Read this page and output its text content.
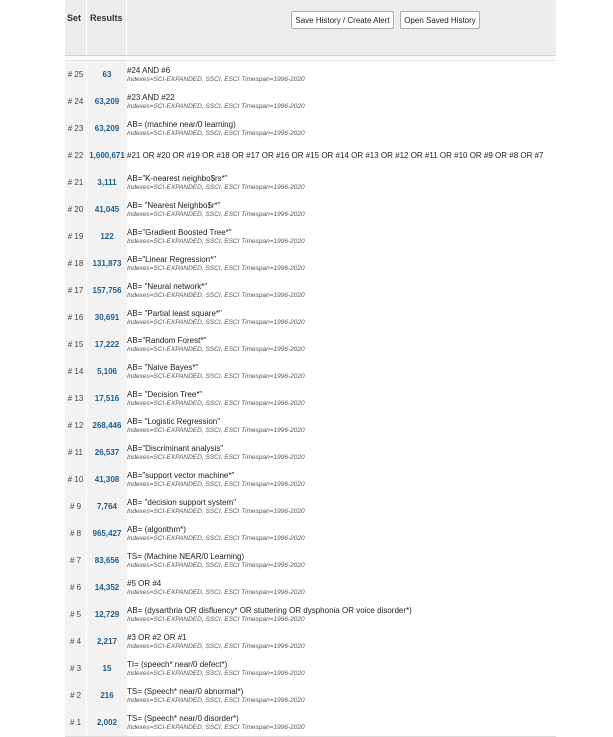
Set Results	Save History / Create Alert	Open Saved History
# 25	63	#24 AND #6
Indexes=SCI-EXPANDED, SSCI, ESCI Timespan=1996-2020
# 24	63,209 #23 AND #22
Indexes=SCI-EXPANDED, SSCI, ESCI Timespan=1996-2020
# 23	63,209 AB= (machine near/0 learning)
Indexes=SCI-EXPANDED, SSCI, ESCI Timespan=1996-2020
# 22 1,600,671 #21 OR #20 OR #19 OR #18 OR #17 OR #16 OR #15 OR #14 OR #13 OR #12 OR #11 OR #10 OR #9 OR #8 OR #7
# 21	3,111	AB="K-nearest neighbo$rs*"
Indexes=SCI-EXPANDED, SSCI, ESCI Timespan=1996-2020
# 20	41,045 AB= "Nearest Neighbo$r*"
Indexes=SCI-EXPANDED, SSCI, ESCI Timespan=1996-2020
# 19	122	AB="Gradient Boosted Tree*"
Indexes=SCI-EXPANDED, SSCI, ESCI Timespan=1996-2020
# 18	131,873 AB="Linear Regression*"
Indexes=SCI-EXPANDED, SSCI, ESCI Timespan=1996-2020
# 17	157,756 AB= "Neural network*"
Indexes=SCI-EXPANDED, SSCI, ESCI Timespan=1996-2020
# 16	30,691 AB= "Partial least square*"
Indexes=SCI-EXPANDED, SSCI, ESCI Timespan=1996-2020
# 15	17,222 AB="Random Forest*"
Indexes=SCI-EXPANDED, SSCI, ESCI Timespan=1996-2020
# 14	5,106	AB= "Naive Bayes*"
Indexes=SCI-EXPANDED, SSCI, ESCI Timespan=1996-2020
# 13	17,516 AB= "Decision Tree*"
Indexes=SCI-EXPANDED, SSCI, ESCI Timespan=1996-2020
# 12	268,446 AB= "Logistic Regression"
Indexes=SCI-EXPANDED, SSCI, ESCI Timespan=1996-2020
# 11	26,537 AB="Discriminant analysis"
Indexes=SCI-EXPANDED, SSCI, ESCI Timespan=1996-2020
# 10	41,308 AB="support vector machine*"
Indexes=SCI-EXPANDED, SSCI, ESCI Timespan=1996-2020
# 9	7,764	AB= "decision support system"
Indexes=SCI-EXPANDED, SSCI, ESCI Timespan=1996-2020
# 8	965,427 AB= (algorithm*)
Indexes=SCI-EXPANDED, SSCI, ESCI Timespan=1996-2020
# 7	83,656 TS= (Machine NEAR/0 Learning)
Indexes=SCI-EXPANDED, SSCI, ESCI Timespan=1996-2020
# 6	14,352 #5 OR #4
Indexes=SCI-EXPANDED, SSCI, ESCI Timespan=1996-2020
# 5	12,729 AB= (dysarthria OR disfluency* OR stuttering OR dysphonia OR voice disorder*)
Indexes=SCI-EXPANDED, SSCI, ESCI Timespan=1996-2020
# 4	2,217	#3 OR #2 OR #1
Indexes=SCI-EXPANDED, SSCI, ESCI Timespan=1996-2020
# 3	15	TI= (speech* near/0 defect*)
Indexes=SCI-EXPANDED, SSCI, ESCI Timespan=1996-2020
# 2	216	TS= (Speech* near/0 abnormal*)
Indexes=SCI-EXPANDED, SSCI, ESCI Timespan=1996-2020
# 1	2,002	TS= (Speech* near/0 disorder*)
Indexes=SCI-EXPANDED, SSCI, ESCI Timespan=1996-2020
